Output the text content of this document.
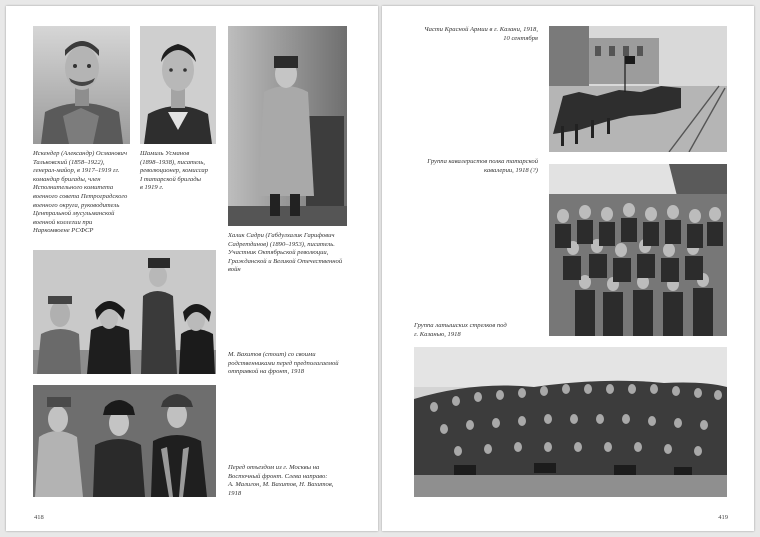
Искендер (Александр) Османович
Тальковский (1858–1922),
генерал-майор, в 1917–1919 гг.
командир бригады, член
Исполнительного комитета
военного совета Петроградского
военного округа, руководитель
Центральной мусульманской
военной коллегии при
Наркомвоене РСФСР
Шамиль Усманов
(1898–1938), писатель,
революционер, комиссар
I татарской бригады
в 1919 г.
Халик Садри (Габдулхалик Гарифович
Садретдинов) (1890–1953), писатель.
Участник Октябрьской революции,
Гражданской и Великой Отечественной
войн
М. Вахитов (стоит) со своими
родственниками перед предполагаемой
отправкой на фронт, 1918
Перед отъездом из г. Москвы на
Восточный фронт. Слева направо:
А. Малигон, М. Вахитов, Н. Вахитов,
1918
418
Части Красной Армии в г. Казани, 1918,
10 сентября
Группа кавалеристов полка татарской
кавалерии, 1918 (?)
Группа латышских стрелков под
г. Казанью, 1918
419
